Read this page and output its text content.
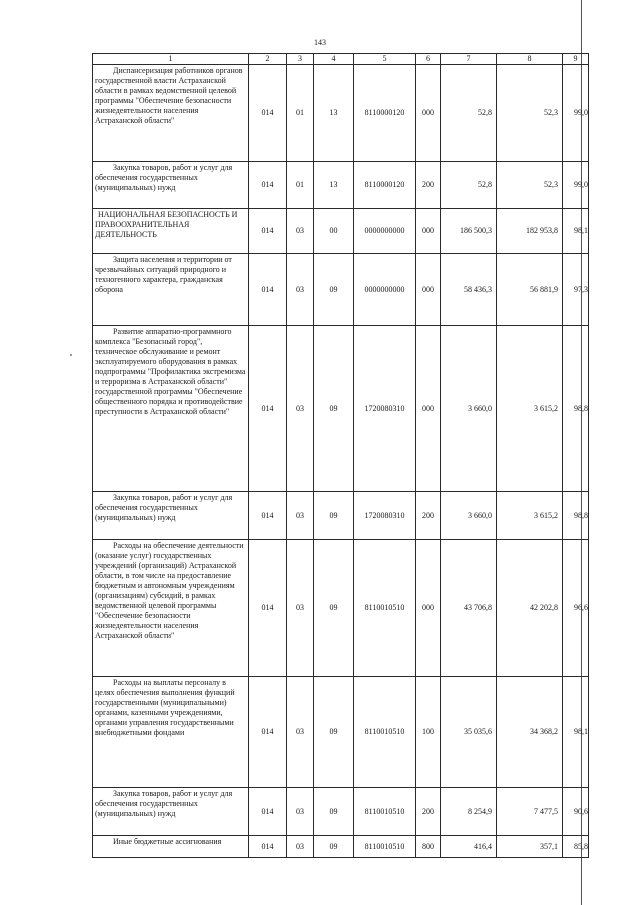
143
1	2	3	4	5	6	7	8	9
Диспансеризация работников органов государственной власти Астраханской области в рамках ведомственной целевой программы "Обеспечение безопасности жизнедеятельности населения Астраханской области"	014	01	13	8110000120	000	52,8	52,3	99,0
Закупка товаров, работ и услуг для обеспечения государственных (муниципальных) нужд	014	01	13	8110000120	200	52,8	52,3	99,0
НАЦИОНАЛЬНАЯ БЕЗОПАСНОСТЬ И ПРАВООХРАНИТЕЛЬНАЯ ДЕЯТЕЛЬНОСТЬ	014	03	00	0000000000	000	186 500,3	182 953,8	98,1
Защита населения и территории от чрезвычайных ситуаций природного и техногенного характера, гражданская оборона	014	03	09	0000000000	000	58 436,3	56 881,9	97,3
Развитие аппаратно-программного комплекса "Безопасный город", техническое обслуживание и ремонт эксплуатируемого оборудования в рамках подпрограммы "Профилактика экстремизма и терроризма в Астраханской области" государственной программы "Обеспечение общественного порядка и противодействие преступности в Астраханской области"	014	03	09	1720080310	000	3 660,0	3 615,2	98,8
Закупка товаров, работ и услуг для обеспечения государственных (муниципальных) нужд	014	03	09	1720080310	200	3 660,0	3 615,2	98,8
Расходы на обеспечение деятельности (оказание услуг) государственных учреждений (организаций) Астраханской области, в том числе на предоставление бюджетным и автономным учреждениям (организациям) субсидий, в рамках ведомственной целевой программы "Обеспечение безопасности жизнедеятельности населения Астраханской области"	014	03	09	8110010510	000	43 706,8	42 202,8	96,6
Расходы на выплаты персоналу в целях обеспечения выполнения функций государственными (муниципальными) органами, казенными учреждениями, органами управления государственными внебюджетными фондами	014	03	09	8110010510	100	35 035,6	34 368,2	98,1
Закупка товаров, работ и услуг для обеспечения государственных (муниципальных) нужд	014	03	09	8110010510	200	8 254,9	7 477,5	90,6
Иные бюджетные ассигнования	014	03	09	8110010510	800	416,4	357,1	85,8
